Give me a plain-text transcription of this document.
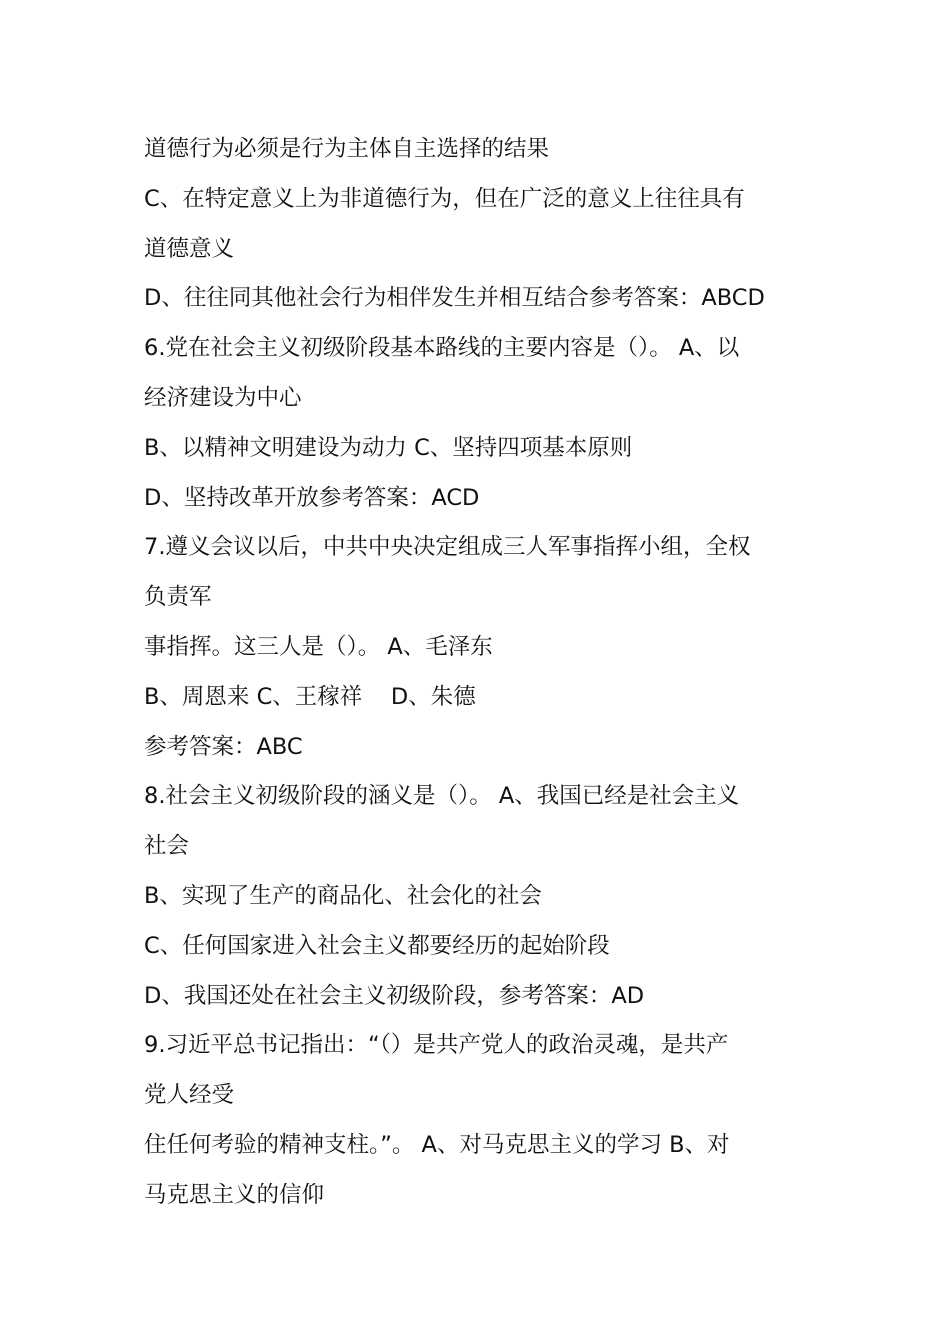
道德行为必须是行为主体自主选择的结果
C、在特定意义上为非道德行为，但在广泛的意义上往往具有
道德意义
D、往往同其他社会行为相伴发生并相互结合参考答案：ABCD
6.党在社会主义初级阶段基本路线的主要内容是（）。 A、以
经济建设为中心
B、以精神文明建设为动力 C、坚持四项基本原则
D、坚持改革开放参考答案：ACD
7.遵义会议以后，中共中央决定组成三人军事指挥小组，全权
负责军
事指挥。这三人是（）。 A、毛泽东
B、周恩来 C、王稼祥    D、朱德
参考答案：ABC
8.社会主义初级阶段的涵义是（）。 A、我国已经是社会主义
社会
B、实现了生产的商品化、社会化的社会
C、任何国家进入社会主义都要经历的起始阶段
D、我国还处在社会主义初级阶段，参考答案：AD
9.习近平总书记指出：“（）是共产党人的政治灵魂，是共产
党人经受
住任何考验的精神支柱。”。 A、对马克思主义的学习 B、对
马克思主义的信仰
